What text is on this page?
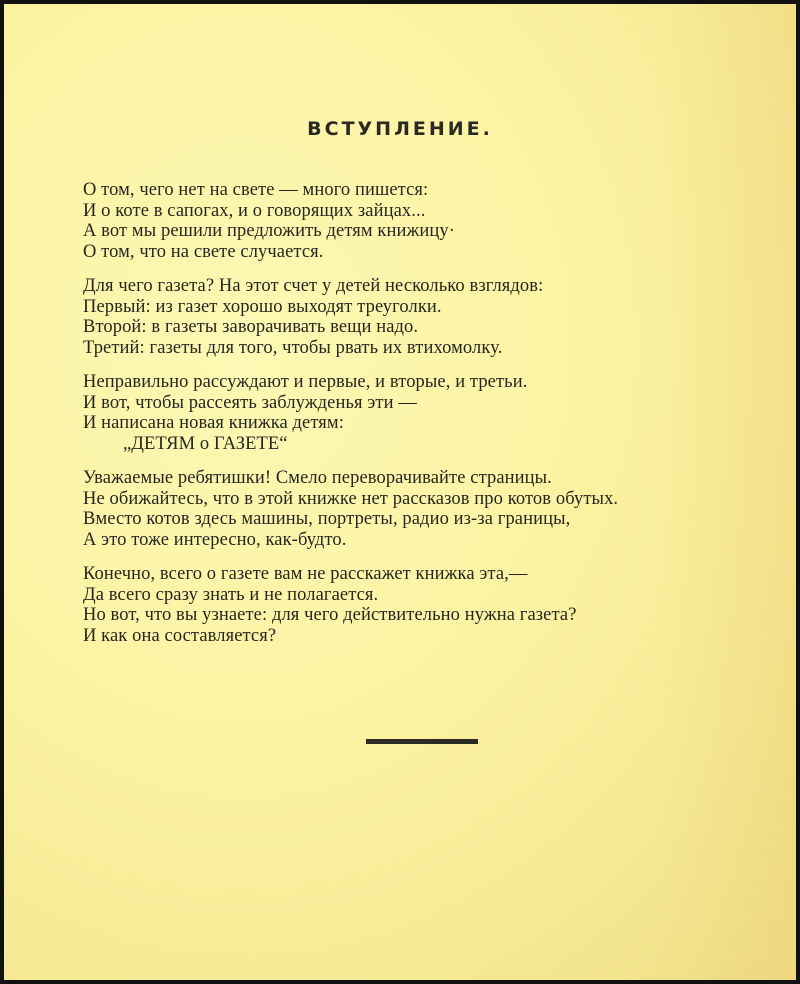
ВСТУПЛЕНИЕ.
О том, чего нет на свете — много пишется:
И о коте в сапогах, и о говорящих зайцах...
А вот мы решили предложить детям книжицу·
О том, что на свете случается.
Для чего газета? На этот счет у детей несколько взглядов:
Первый: из газет хорошо выходят треуголки.
Второй: в газеты заворачивать вещи надо.
Третий: газеты для того, чтобы рвать их втихомолку.
Неправильно рассуждают и первые, и вторые, и третьи.
И вот, чтобы рассеять заблужденья эти —
И написана новая книжка детям:
„ДЕТЯМ о ГАЗЕТЕ“
Уважаемые ребятишки! Смело переворачивайте страницы.
Не обижайтесь, что в этой книжке нет рассказов про котов обутых.
Вместо котов здесь машины, портреты, радио из-за границы,
А это тоже интересно, как-будто.
Конечно, всего о газете вам не расскажет книжка эта,—
Да всего сразу знать и не полагается.
Но вот, что вы узнаете: для чего действительно нужна газета?
И как она составляется?
